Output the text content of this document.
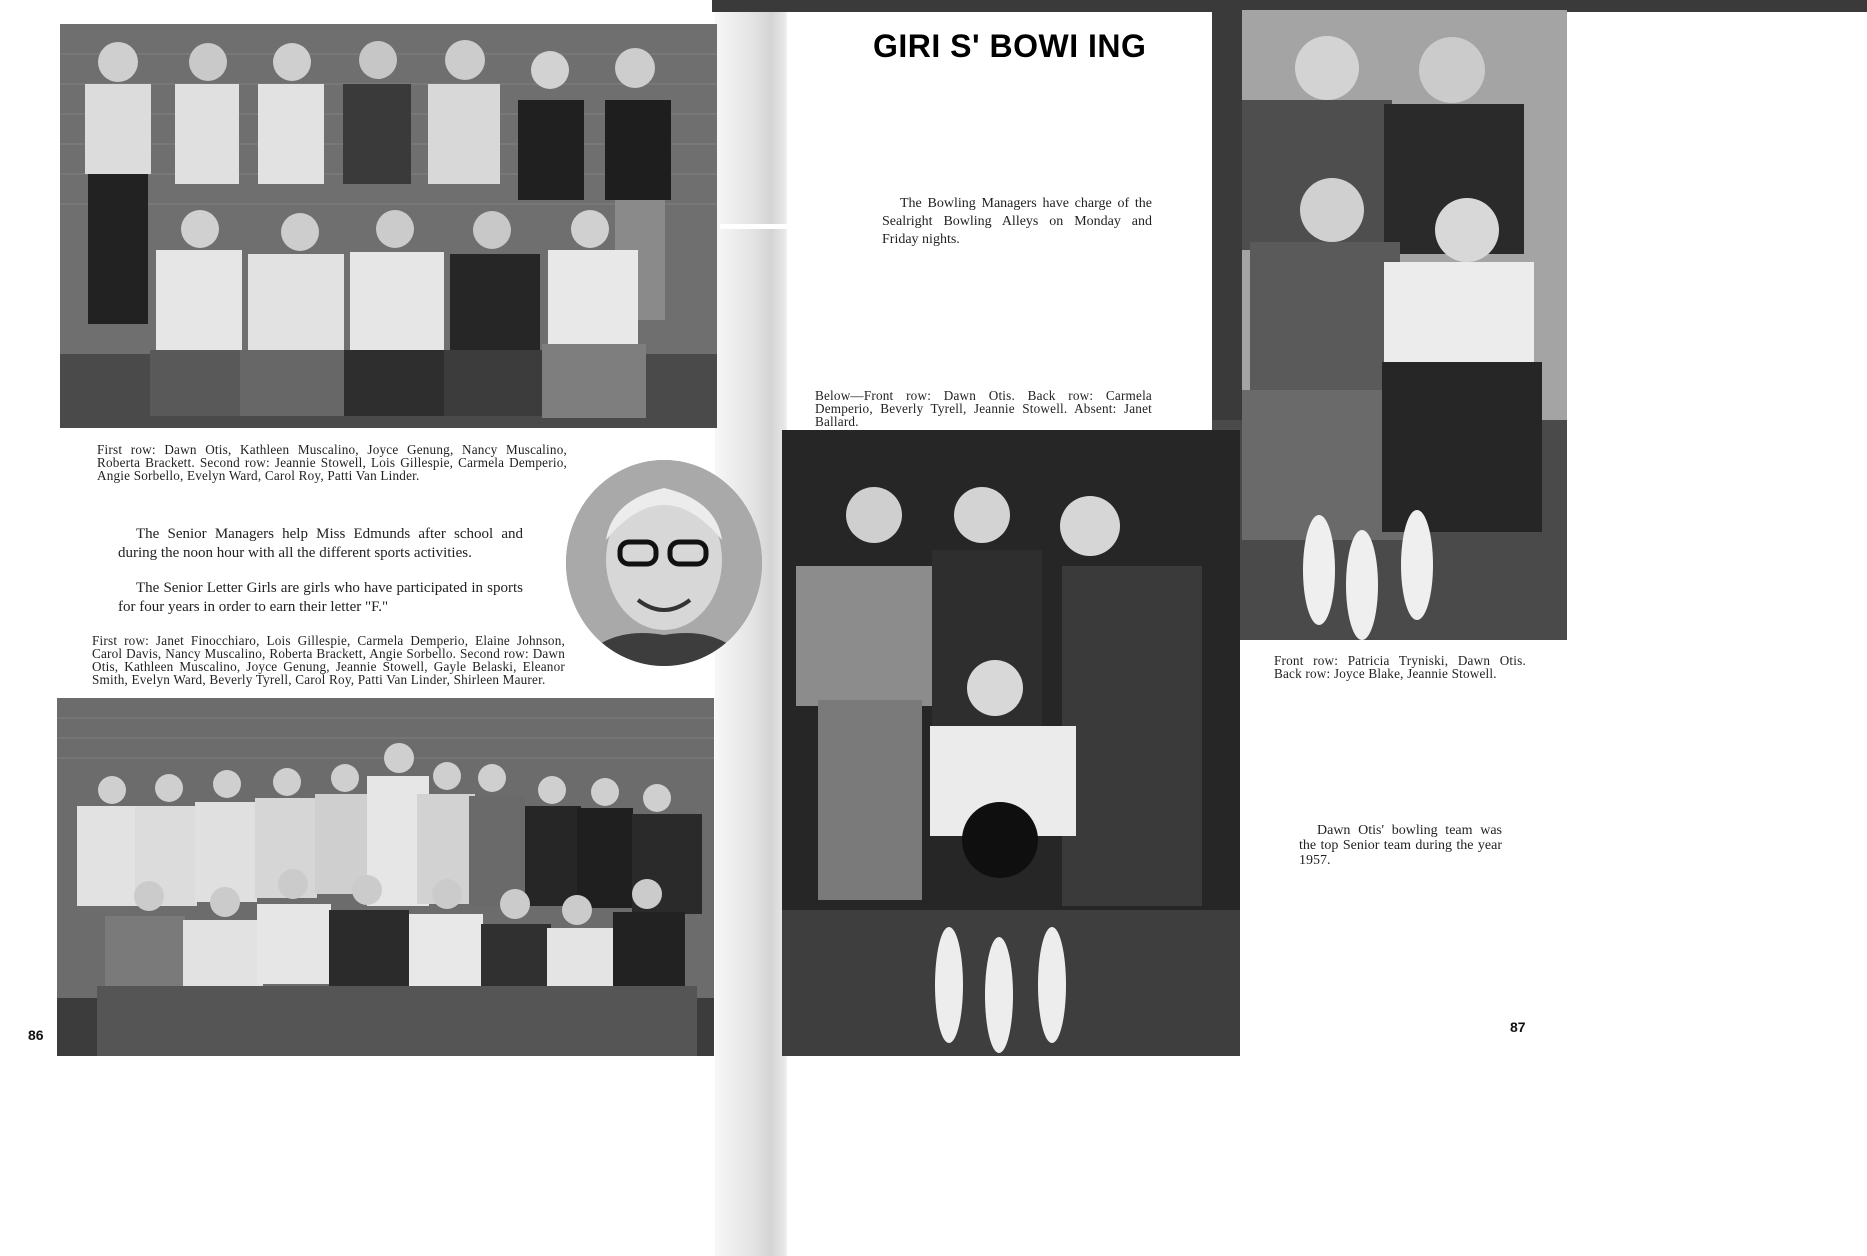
First row: Dawn Otis, Kathleen Muscalino, Joyce Genung, Nancy Muscalino, Roberta Brackett. Second row: Jeannie Stowell, Lois Gillespie, Carmela Demperio, Angie Sorbello, Evelyn Ward, Carol Roy, Patti Van Linder.

The Senior Managers help Miss Edmunds after school and during the noon hour with all the different sports activities.

The Senior Letter Girls are girls who have participated in sports for four years in order to earn their letter "F."

First row: Janet Finocchiaro, Lois Gillespie, Carmela Demperio, Elaine Johnson, Carol Davis, Nancy Muscalino, Roberta Brackett, Angie Sorbello. Second row: Dawn Otis, Kathleen Muscalino, Joyce Genung, Jeannie Stowell, Gayle Belaski, Eleanor Smith, Evelyn Ward, Beverly Tyrell, Carol Roy, Patti Van Linder, Shirleen Maurer.
86
GIRI S' BOWI ING

The Bowling Managers have charge of the Sealright Bowling Alleys on Monday and Friday nights.

Below—Front row: Dawn Otis. Back row: Carmela Demperio, Beverly Tyrell, Jeannie Stowell. Absent: Janet Ballard.
Front row: Patricia Tryniski, Dawn Otis. Back row: Joyce Blake, Jeannie Stowell.

Dawn Otis' bowling team was the top Senior team during the year 1957.

87
